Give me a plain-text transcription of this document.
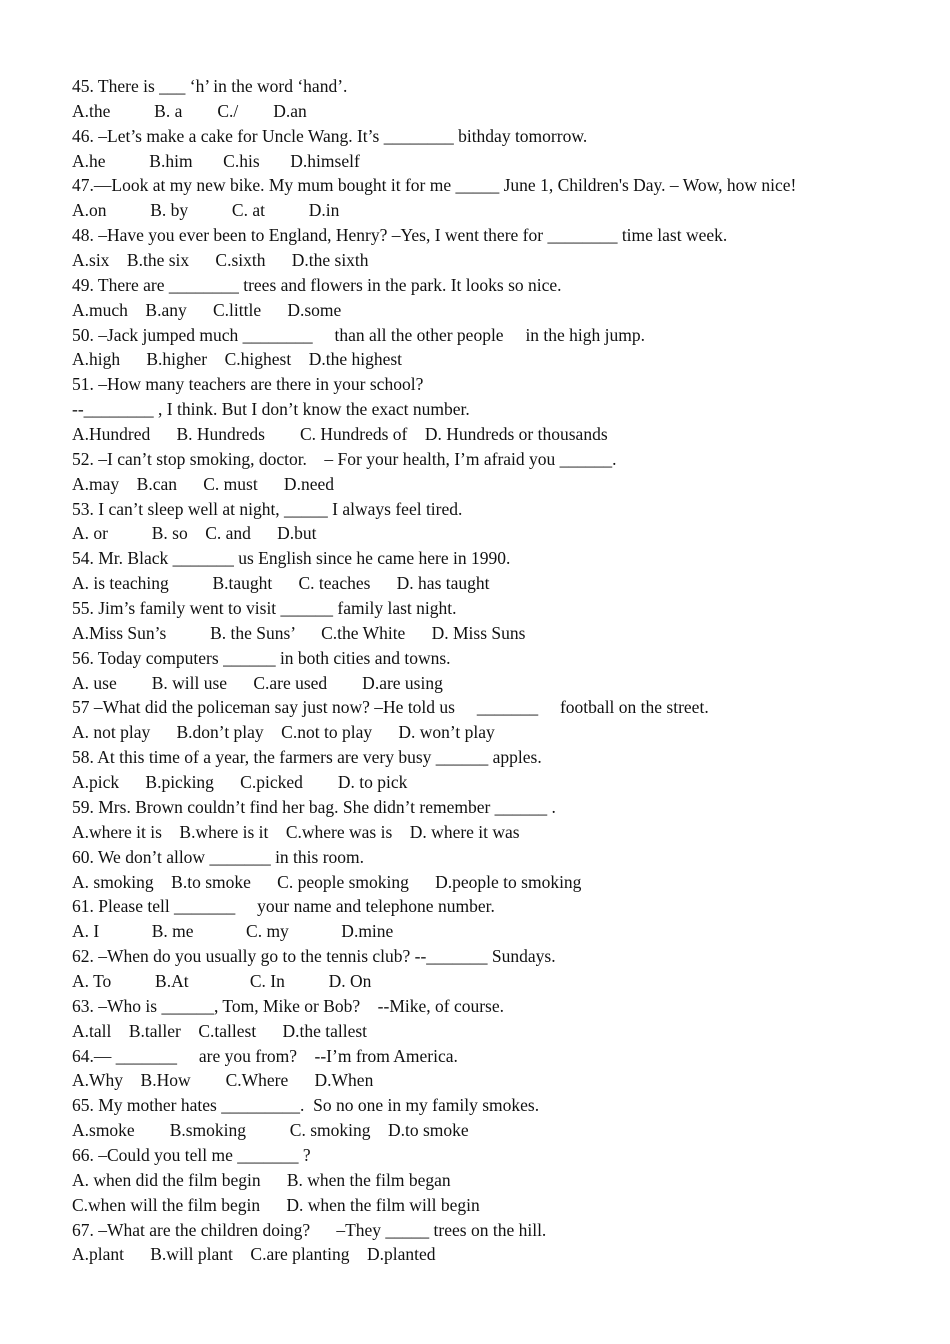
45. There is ___ ‘h’ in the word ‘hand’.
A.the          B. a        C./        D.an
46. –Let’s make a cake for Uncle Wang. It’s ________ bithday tomorrow.
A.he          B.him       C.his       D.himself
47.—Look at my new bike. My mum bought it for me _____ June 1, Children's Day. – Wow, how nice!
A.on          B. by          C. at          D.in
48. –Have you ever been to England, Henry? –Yes, I went there for ________ time last week.
A.six    B.the six      C.sixth      D.the sixth
49. There are ________ trees and flowers in the park. It looks so nice.
A.much    B.any      C.little      D.some
50. –Jack jumped much ________     than all the other people     in the high jump.
A.high      B.higher    C.highest    D.the highest
51. –How many teachers are there in your school?
--________ , I think. But I don’t know the exact number.
A.Hundred      B. Hundreds        C. Hundreds of    D. Hundreds or thousands
52. –I can’t stop smoking, doctor.    – For your health, I’m afraid you ______.
A.may    B.can      C. must      D.need
53. I can’t sleep well at night, _____ I always feel tired.
A. or          B. so    C. and      D.but
54. Mr. Black _______ us English since he came here in 1990.
A. is teaching          B.taught      C. teaches      D. has taught
55. Jim’s family went to visit ______ family last night.
A.Miss Sun’s          B. the Suns’      C.the White      D. Miss Suns
56. Today computers ______ in both cities and towns.
A. use        B. will use      C.are used        D.are using
57 –What did the policeman say just now? –He told us     _______     football on the street.
A. not play      B.don’t play    C.not to play      D. won’t play
58. At this time of a year, the farmers are very busy ______ apples.
A.pick      B.picking      C.picked        D. to pick
59. Mrs. Brown couldn’t find her bag. She didn’t remember ______ .
A.where it is    B.where is it    C.where was is    D. where it was
60. We don’t allow _______ in this room.
A. smoking    B.to smoke      C. people smoking      D.people to smoking
61. Please tell _______     your name and telephone number.
A. I            B. me            C. my            D.mine
62. –When do you usually go to the tennis club? --_______ Sundays.
A. To          B.At              C. In          D. On
63. –Who is ______, Tom, Mike or Bob?    --Mike, of course.
A.tall    B.taller    C.tallest      D.the tallest
64.— _______     are you from?    --I’m from America.
A.Why    B.How        C.Where      D.When
65. My mother hates _________.  So no one in my family smokes.
A.smoke        B.smoking          C. smoking    D.to smoke
66. –Could you tell me _______ ?
A. when did the film begin      B. when the film began
C.when will the film begin      D. when the film will begin
67. –What are the children doing?      –They _____ trees on the hill.
A.plant      B.will plant    C.are planting    D.planted
